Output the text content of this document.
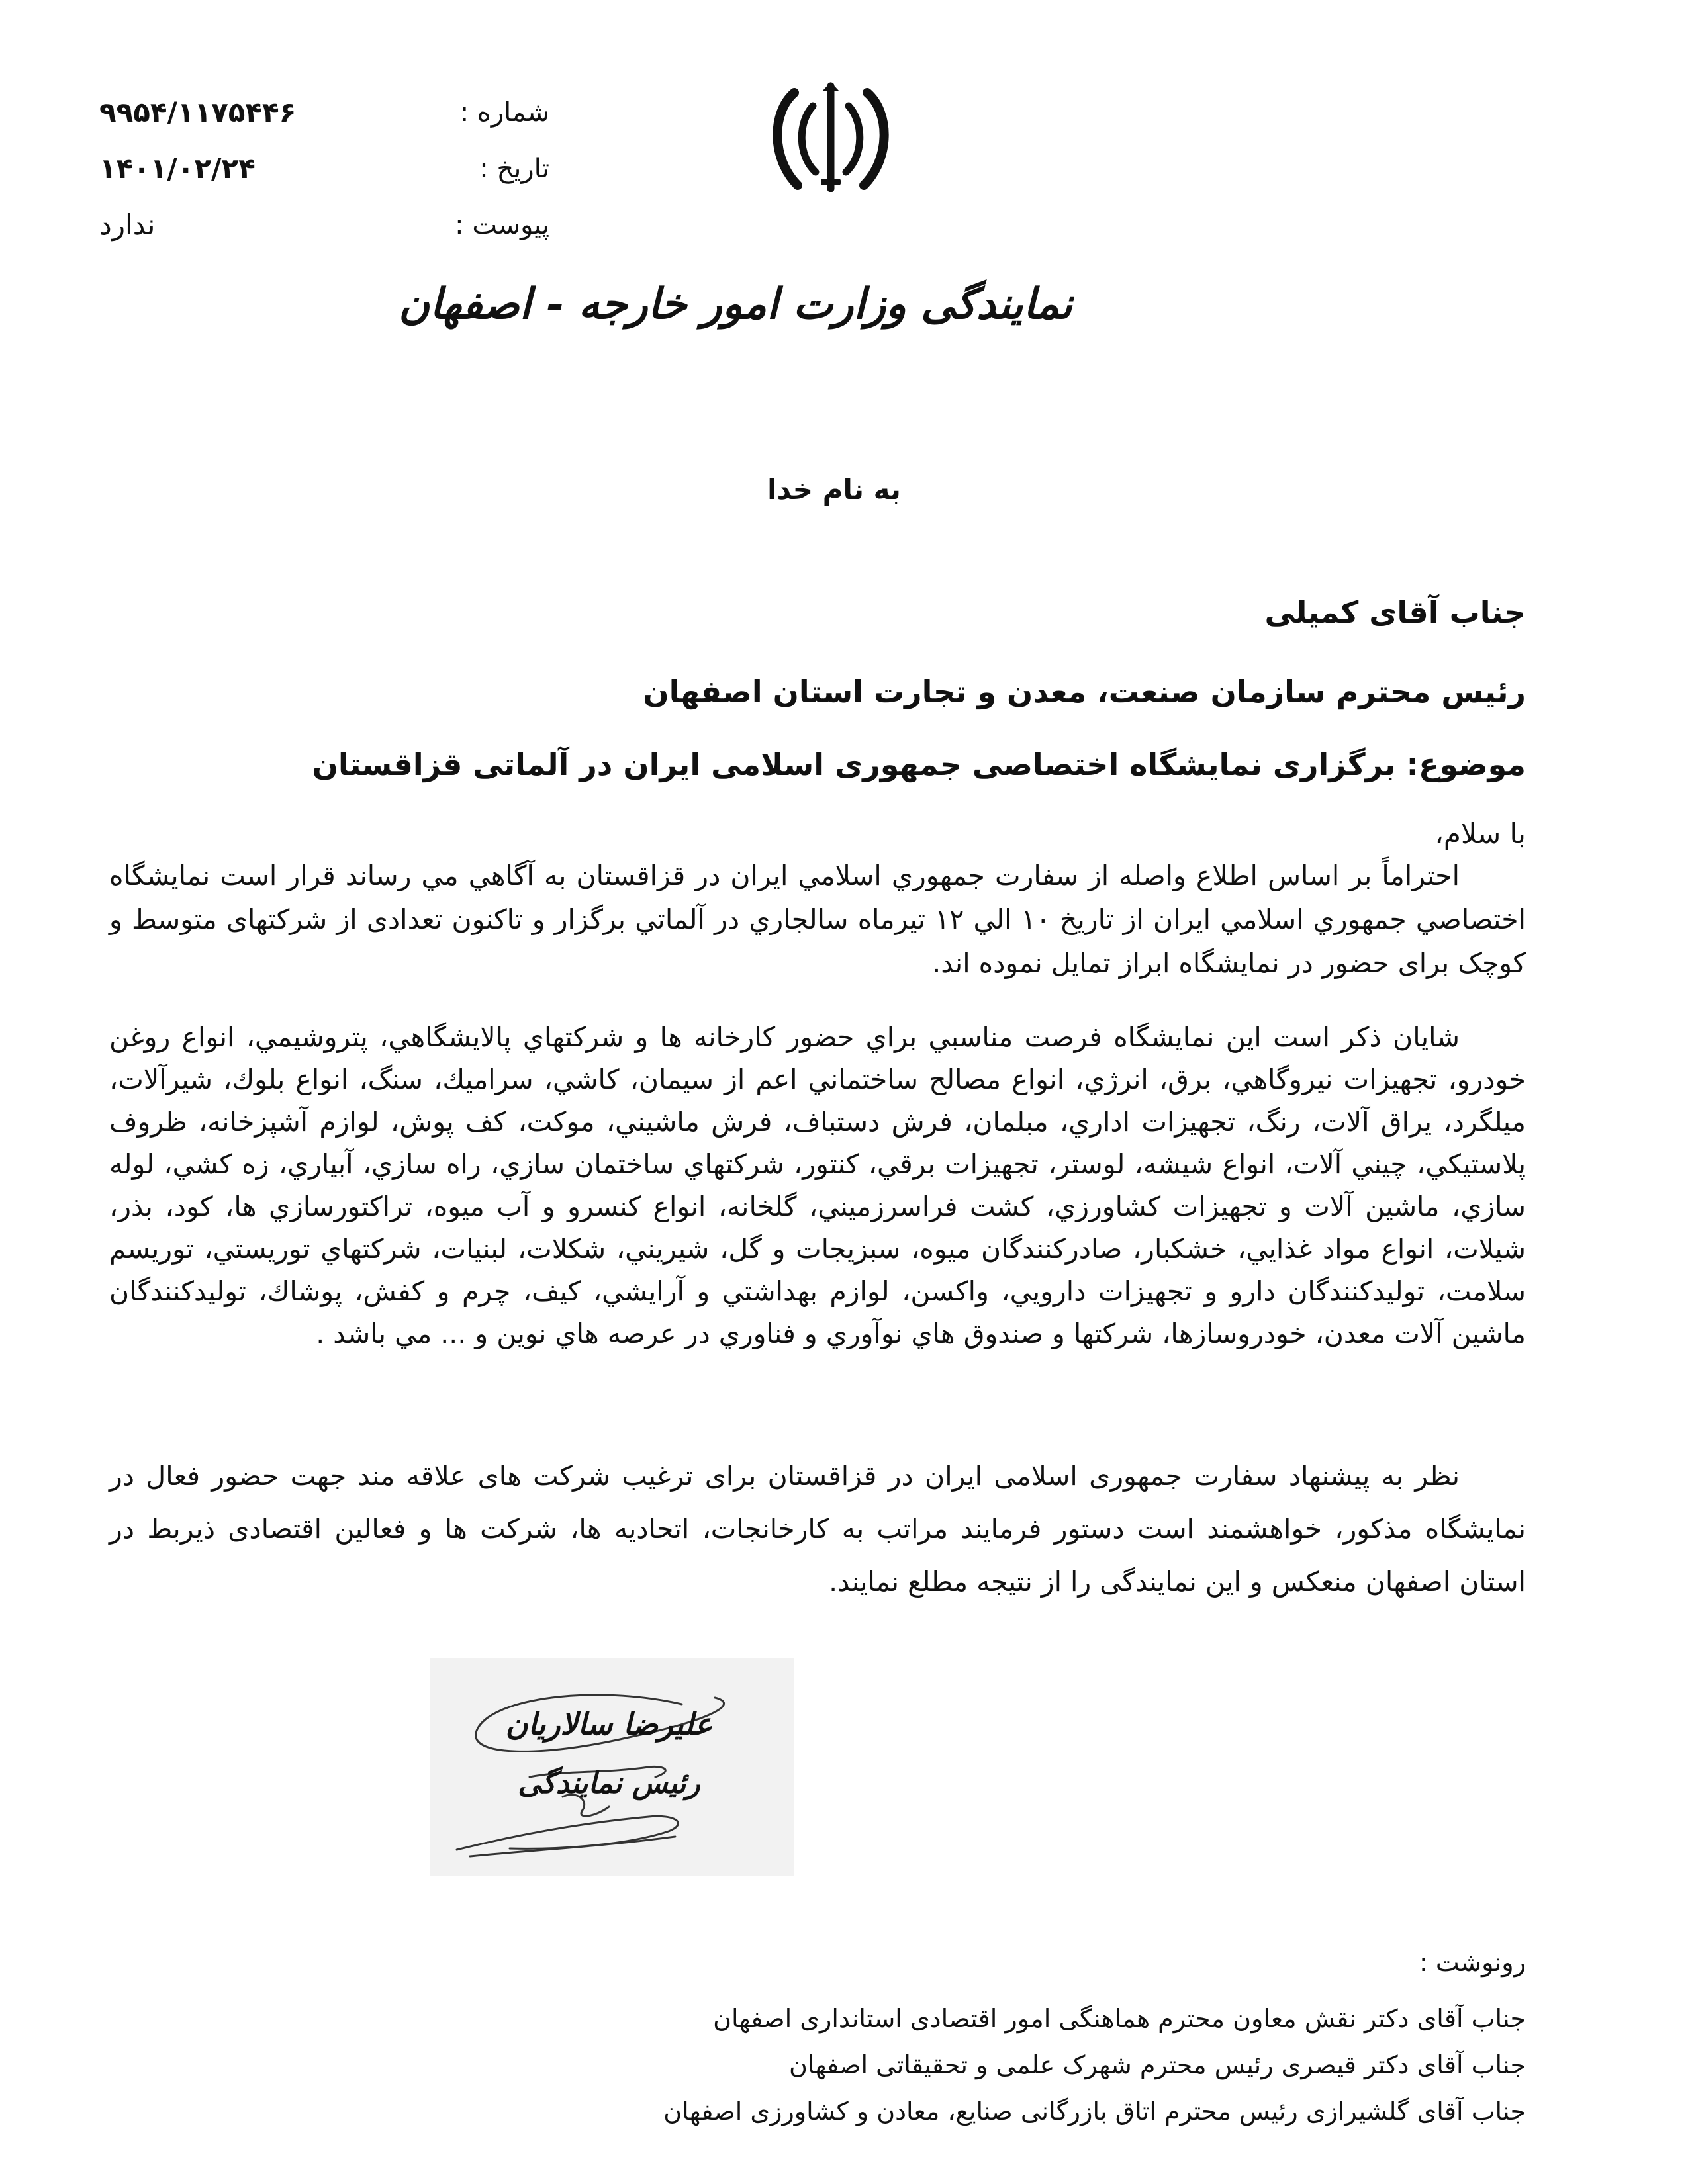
شماره :
۹۹۵۴/۱۱۷۵۴۴۶
تاریخ :
۱۴۰۱/۰۲/۲۴
پیوست :
ندارد
نمایندگی وزارت امور خارجه - اصفهان
به نام خدا
جناب آقای کمیلی
رئیس محترم سازمان صنعت، معدن و تجارت استان اصفهان
موضوع: برگزاری نمایشگاه اختصاصی جمهوری اسلامی ایران در آلماتی قزاقستان
با سلام،

احتراماً بر اساس اطلاع واصله از سفارت جمهوري اسلامي ايران در قزاقستان به آگاهي مي رساند قرار است نمايشگاه اختصاصي جمهوري اسلامي ايران از تاريخ ۱۰ الي ۱۲ تيرماه سالجاري در آلماتي برگزار و تاكنون تعدادی از شرکتهای متوسط و کوچک برای حضور در نمایشگاه ابراز تمایل نموده اند.

شايان ذكر است اين نمايشگاه فرصت مناسبي براي حضور كارخانه ها و شركتهاي پالايشگاهي، پتروشيمي، انواع روغن خودرو، تجهيزات نيروگاهي، برق، انرژي، انواع مصالح ساختماني اعم از سيمان، كاشي، سراميك، سنگ، انواع بلوك، شيرآلات، ميلگرد، يراق آلات، رنگ، تجهيزات اداري، مبلمان، فرش دستباف، فرش ماشيني، موكت، كف پوش، لوازم آشپزخانه، ظروف پلاستيكي، چيني آلات، انواع شيشه، لوستر، تجهيزات برقي، كنتور، شركتهاي ساختمان سازي، راه سازي، آبياري، زه كشي، لوله سازي، ماشين آلات و تجهيزات كشاورزي، كشت فراسرزميني، گلخانه، انواع كنسرو و آب ميوه، تراكتورسازي ها، كود، بذر، شيلات، انواع مواد غذايي، خشكبار، صادركنندگان ميوه، سبزيجات و گل، شيريني، شكلات، لبنيات، شركتهاي توريستي، توريسم سلامت، توليدكنندگان دارو و تجهيزات دارويي، واكسن، لوازم بهداشتي و آرايشي، كيف، چرم و كفش، پوشاك، توليدكنندگان ماشين آلات معدن، خودروسازها، شركتها و صندوق هاي نوآوري و فناوري در عرصه هاي نوين و ... مي باشد .

نظر به پیشنهاد سفارت جمهوری اسلامی ایران در قزاقستان برای ترغیب شرکت های علاقه مند جهت حضور فعال در نمایشگاه مذکور، خواهشمند است دستور فرمایند مراتب به کارخانجات، اتحادیه ها، شرکت ها و فعالین اقتصادی ذیربط در استان اصفهان منعکس و این نمایندگی را از نتیجه مطلع نمایند.

علیرضا سالاریان
رئیس نمایندگی
رونوشت :
جناب آقای دکتر نقش معاون محترم هماهنگی امور اقتصادی استانداری اصفهان
جناب آقای دکتر قیصری رئیس محترم شهرک علمی و تحقیقاتی اصفهان
جناب آقای گلشیرازی رئیس محترم اتاق بازرگانی صنایع، معادن و کشاورزی اصفهان
